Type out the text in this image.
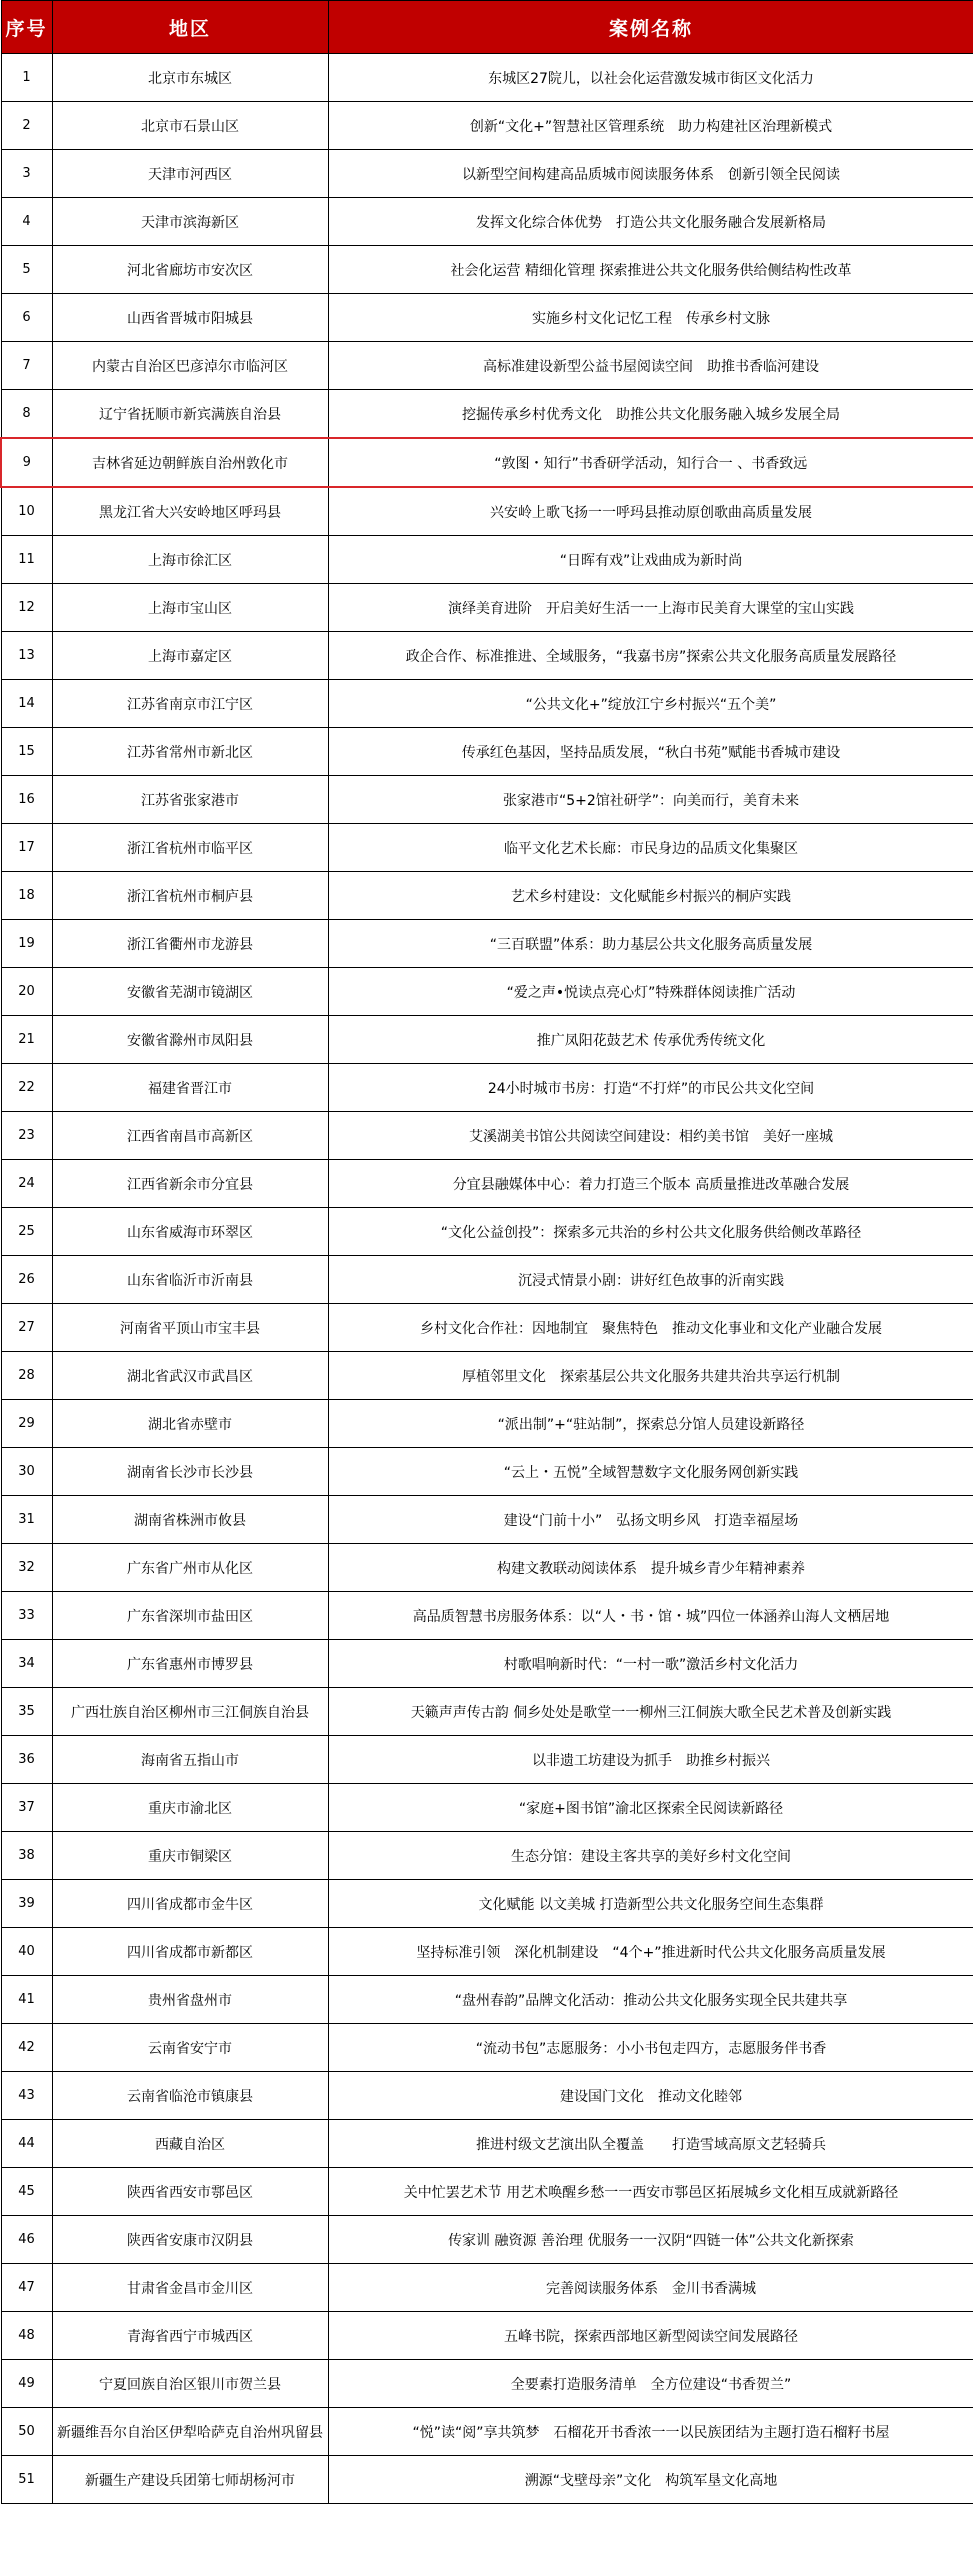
序号	地区	案例名称
1	北京市东城区	东城区27院儿，以社会化运营激发城市街区文化活力
2	北京市石景山区	创新“文化+”智慧社区管理系统　助力构建社区治理新模式
3	天津市河西区	以新型空间构建高品质城市阅读服务体系　创新引领全民阅读
4	天津市滨海新区	发挥文化综合体优势　打造公共文化服务融合发展新格局
5	河北省廊坊市安次区	社会化运营 精细化管理 探索推进公共文化服务供给侧结构性改革
6	山西省晋城市阳城县	实施乡村文化记忆工程　传承乡村文脉
7	内蒙古自治区巴彦淖尔市临河区	高标准建设新型公益书屋阅读空间　助推书香临河建设
8	辽宁省抚顺市新宾满族自治县	挖掘传承乡村优秀文化　助推公共文化服务融入城乡发展全局
9	吉林省延边朝鲜族自治州敦化市	“敦图・知行”书香研学活动，知行合一 、书香致远
10	黑龙江省大兴安岭地区呼玛县	兴安岭上歌飞扬一一呼玛县推动原创歌曲高质量发展
11	上海市徐汇区	“日晖有戏”让戏曲成为新时尚
12	上海市宝山区	演绎美育进阶　开启美好生活一一上海市民美育大课堂的宝山实践
13	上海市嘉定区	政企合作、标准推进、全域服务，“我嘉书房”探索公共文化服务高质量发展路径
14	江苏省南京市江宁区	“公共文化+”绽放江宁乡村振兴“五个美”
15	江苏省常州市新北区	传承红色基因，坚持品质发展，“秋白书苑”赋能书香城市建设
16	江苏省张家港市	张家港市“5+2馆社研学”：向美而行，美育未来
17	浙江省杭州市临平区	临平文化艺术长廊：市民身边的品质文化集聚区
18	浙江省杭州市桐庐县	艺术乡村建设：文化赋能乡村振兴的桐庐实践
19	浙江省衢州市龙游县	“三百联盟”体系：助力基层公共文化服务高质量发展
20	安徽省芜湖市镜湖区	“爱之声•悦读点亮心灯”特殊群体阅读推广活动
21	安徽省滁州市凤阳县	推广凤阳花鼓艺术 传承优秀传统文化
22	福建省晋江市	24小时城市书房：打造“不打烊”的市民公共文化空间
23	江西省南昌市高新区	艾溪湖美书馆公共阅读空间建设：相约美书馆　美好一座城
24	江西省新余市分宜县	分宜县融媒体中心：着力打造三个版本 高质量推进改革融合发展
25	山东省威海市环翠区	“文化公益创投”：探索多元共治的乡村公共文化服务供给侧改革路径
26	山东省临沂市沂南县	沉浸式情景小剧：讲好红色故事的沂南实践
27	河南省平顶山市宝丰县	乡村文化合作社：因地制宜　聚焦特色　推动文化事业和文化产业融合发展
28	湖北省武汉市武昌区	厚植邻里文化　探索基层公共文化服务共建共治共享运行机制
29	湖北省赤壁市	“派出制”+“驻站制”，探索总分馆人员建设新路径
30	湖南省长沙市长沙县	“云上・五悦”全域智慧数字文化服务网创新实践
31	湖南省株洲市攸县	建设“门前十小”　弘扬文明乡风　打造幸福屋场
32	广东省广州市从化区	构建文教联动阅读体系　提升城乡青少年精神素养
33	广东省深圳市盐田区	高品质智慧书房服务体系：以“人・书・馆・城”四位一体涵养山海人文栖居地
34	广东省惠州市博罗县	村歌唱响新时代：“一村一歌”激活乡村文化活力
35	广西壮族自治区柳州市三江侗族自治县	天籁声声传古韵 侗乡处处是歌堂一一柳州三江侗族大歌全民艺术普及创新实践
36	海南省五指山市	以非遗工坊建设为抓手　助推乡村振兴
37	重庆市渝北区	“家庭+图书馆”渝北区探索全民阅读新路径
38	重庆市铜梁区	生态分馆：建设主客共享的美好乡村文化空间
39	四川省成都市金牛区	文化赋能 以文美城 打造新型公共文化服务空间生态集群
40	四川省成都市新都区	坚持标准引领　深化机制建设　“4个+”推进新时代公共文化服务高质量发展
41	贵州省盘州市	“盘州春韵”品牌文化活动：推动公共文化服务实现全民共建共享
42	云南省安宁市	“流动书包”志愿服务：小小书包走四方，志愿服务伴书香
43	云南省临沧市镇康县	建设国门文化　推动文化睦邻
44	西藏自治区	推进村级文艺演出队全覆盖　　打造雪域高原文艺轻骑兵
45	陕西省西安市鄠邑区	关中忙罢艺术节 用艺术唤醒乡愁一一西安市鄠邑区拓展城乡文化相互成就新路径
46	陕西省安康市汉阴县	传家训 融资源 善治理 优服务一一汉阴“四链一体”公共文化新探索
47	甘肃省金昌市金川区	完善阅读服务体系　金川书香满城
48	青海省西宁市城西区	五峰书院，探索西部地区新型阅读空间发展路径
49	宁夏回族自治区银川市贺兰县	全要素打造服务清单　全方位建设“书香贺兰”
50	新疆维吾尔自治区伊犁哈萨克自治州巩留县	“悦”读“阅”享共筑梦　石榴花开书香浓一一以民族团结为主题打造石榴籽书屋
51	新疆生产建设兵团第七师胡杨河市	溯源“戈壁母亲”文化　构筑军垦文化高地
